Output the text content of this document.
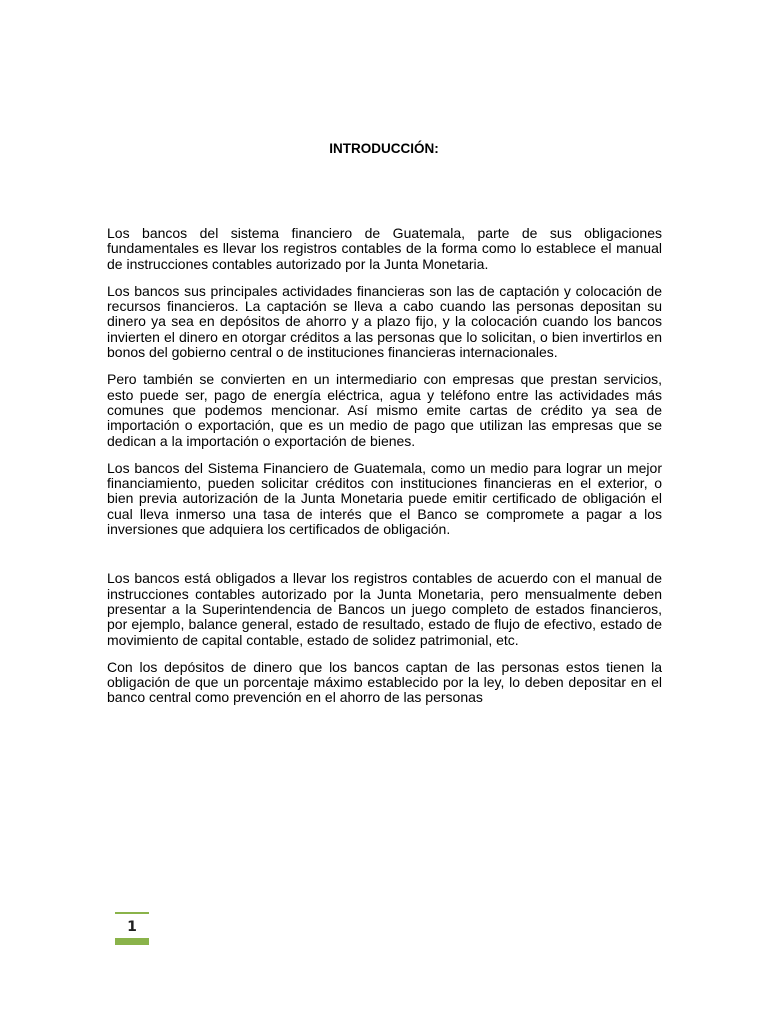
INTRODUCCIÓN:

Los bancos del sistema financiero de Guatemala, parte de sus obligaciones fundamentales es llevar los registros contables de la forma como lo establece el manual de instrucciones contables autorizado por la Junta Monetaria.

Los bancos sus principales actividades financieras son las de captación y colocación de recursos financieros. La captación se lleva a cabo cuando las personas depositan su dinero ya sea en depósitos de ahorro y a plazo fijo, y la colocación cuando los bancos invierten el dinero en otorgar créditos a las personas que lo solicitan, o bien invertirlos en bonos del gobierno central o de instituciones financieras internacionales.

Pero también se convierten en un intermediario con empresas que prestan servicios, esto puede ser, pago de energía eléctrica, agua y teléfono entre las actividades más comunes que podemos mencionar. Así mismo emite cartas de crédito ya sea de importación o exportación, que es un medio de pago que utilizan las empresas que se dedican a la importación o exportación de bienes.

Los bancos del Sistema Financiero de Guatemala, como un medio para lograr un mejor financiamiento, pueden solicitar créditos con instituciones financieras en el exterior, o bien previa autorización de la Junta Monetaria puede emitir certificado de obligación el cual lleva inmerso una tasa de interés que el Banco se compromete a pagar a los inversiones que adquiera los certificados de obligación.

Los bancos está obligados a llevar los registros contables de acuerdo con el manual de instrucciones contables autorizado por la Junta Monetaria, pero mensualmente deben presentar a la Superintendencia de Bancos un juego completo de estados financieros, por ejemplo, balance general, estado de resultado, estado de flujo de efectivo, estado de movimiento de capital contable, estado de solidez patrimonial, etc.

Con los depósitos de dinero que los bancos captan de las personas estos tienen la obligación de que un porcentaje máximo establecido por la ley, lo deben depositar en el banco central como prevención en el ahorro de las personas

1
